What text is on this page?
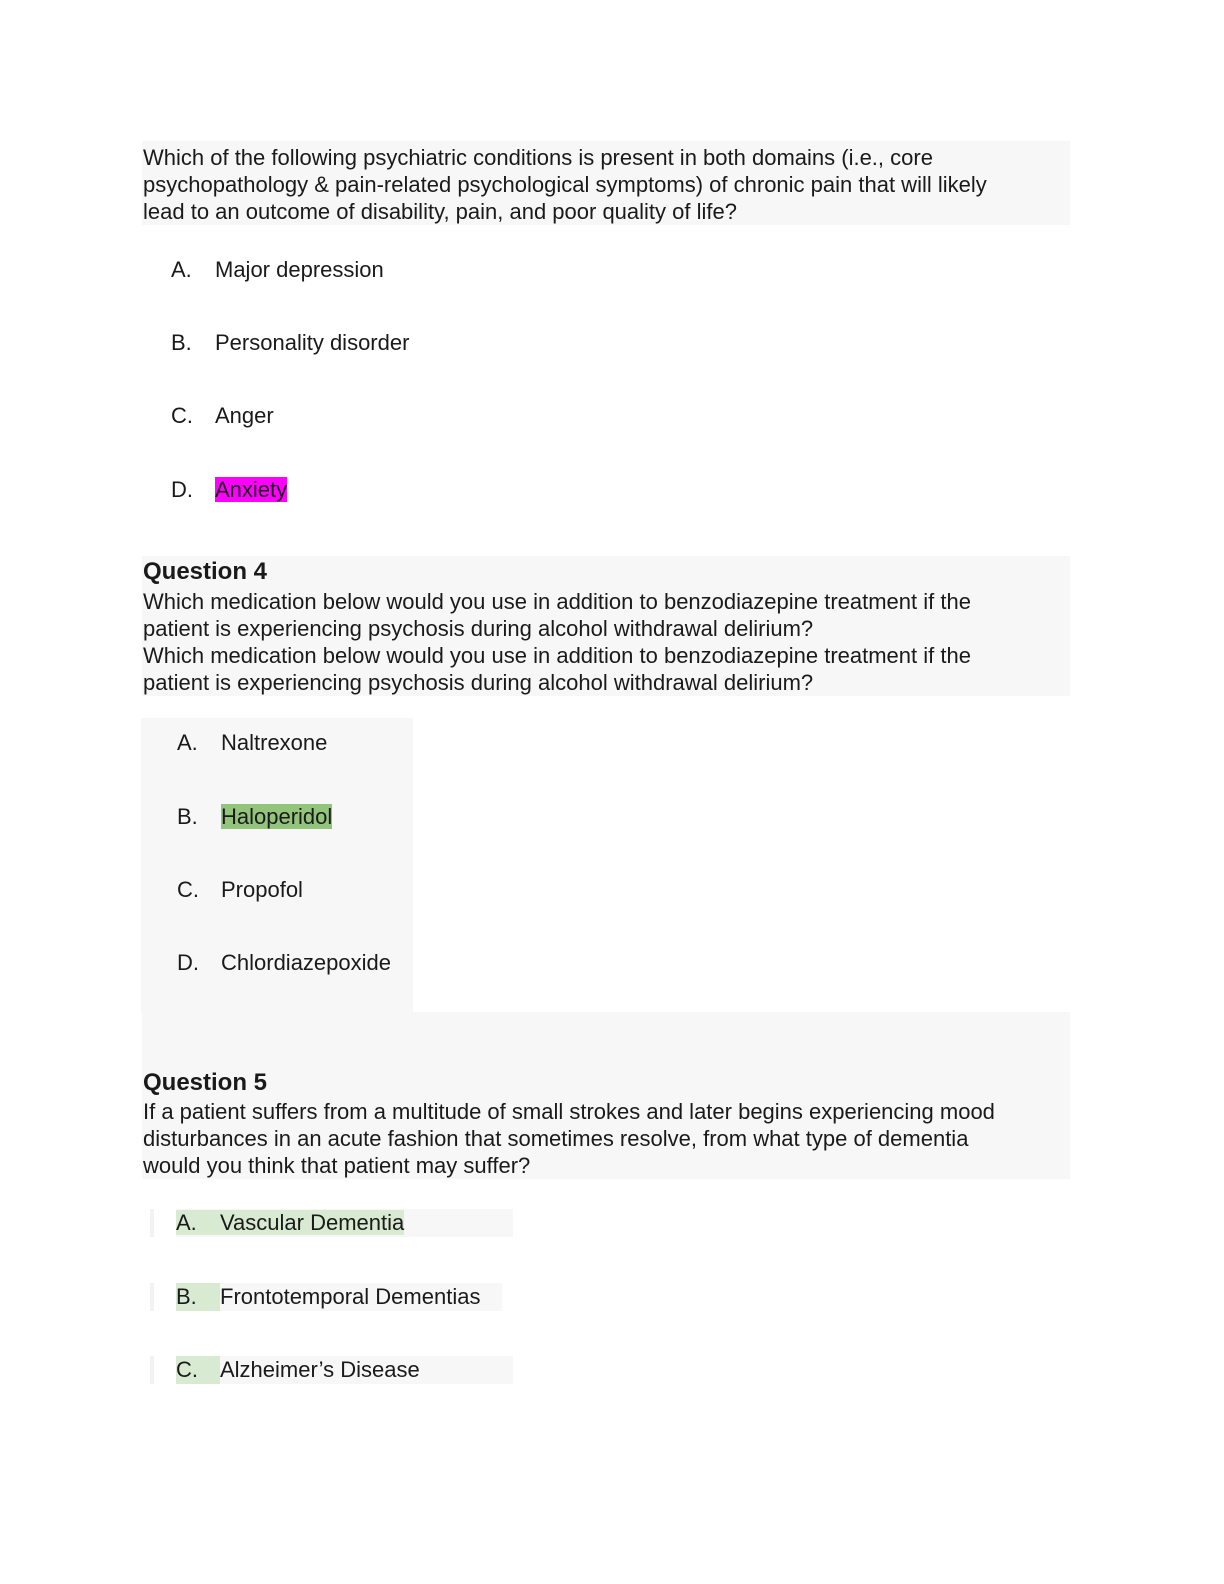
Which of the following psychiatric conditions is present in both domains (i.e., core
psychopathology & pain-related psychological symptoms) of chronic pain that will likely
lead to an outcome of disability, pain, and poor quality of life?
A. Major depression
B. Personality disorder
C. Anger
D. Anxiety
Question 4
Which medication below would you use in addition to benzodiazepine treatment if the
patient is experiencing psychosis during alcohol withdrawal delirium?
Which medication below would you use in addition to benzodiazepine treatment if the
patient is experiencing psychosis during alcohol withdrawal delirium?
A. Naltrexone
B. Haloperidol
C. Propofol
D. Chlordiazepoxide
Question 5
If a patient suffers from a multitude of small strokes and later begins experiencing mood
disturbances in an acute fashion that sometimes resolve, from what type of dementia
would you think that patient may suffer?
A. Vascular Dementia
B. Frontotemporal Dementias
C. Alzheimer’s Disease
